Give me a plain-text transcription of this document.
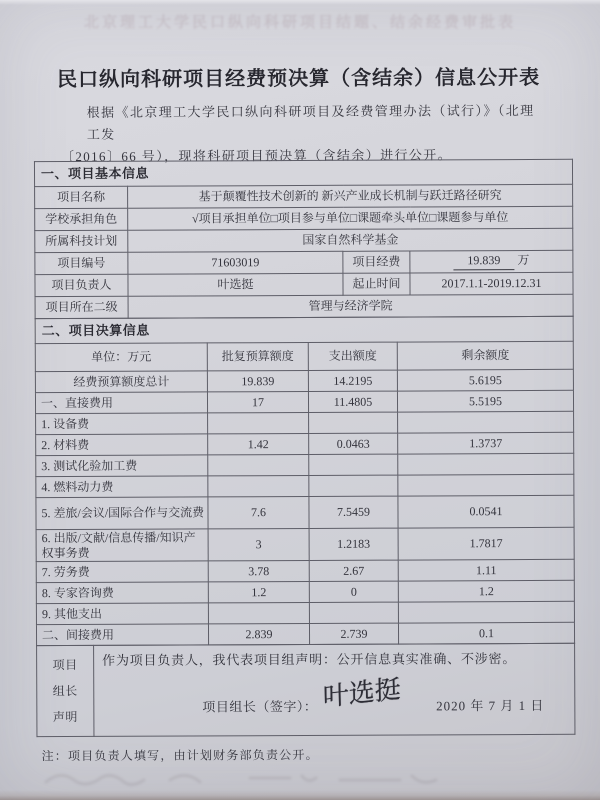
北京理工大学民口纵向科研项目结题、结余经费审批表
民口纵向科研项目经费预决算（含结余）信息公开表
根据《北京理工大学民口纵向科研项目及经费管理办法（试行）》（北理工发
〔2016〕66 号），现将科研项目预决算（含结余）进行公开。
一、项目基本信息			
项目名称	基于颠覆性技术创新的 新兴产业成长机制与跃迁路径研究		
学校承担角色	√项目承担单位□项目参与单位□课题牵头单位□课题参与单位		
所属科技计划	国家自然科学基金		
项目编号	71603019	项目经费	19.839 万
项目负责人	叶选挺	起止时间	2017.1.1-2019.12.31
项目所在二级	管理与经济学院		
二、项目决算信息			
单位：万元	批复预算额度	支出额度	剩余额度
经费预算额度总计	19.839	14.2195	5.6195
一、直接费用	17	11.4805	5.5195
1. 设备费			
2. 材料费	1.42	0.0463	1.3737
3. 测试化验加工费			
4. 燃料动力费			
5. 差旅/会议/国际合作与交流费	7.6	7.5459	0.0541
6. 出版/文献/信息传播/知识产权事务费	3	1.2183	1.7817
7. 劳务费	3.78	2.67	1.11
8. 专家咨询费	1.2	0	1.2
9. 其他支出			
二、间接费用	2.839	2.739	0.1
项目组长声明	
作为项目负责人，我代表项目组声明：公开信息真实准确、不涉密。
项目组长（签字）： 叶选挺	2020 年 7 月 1 日
注：项目负责人填写，由计划财务部负责公开。
